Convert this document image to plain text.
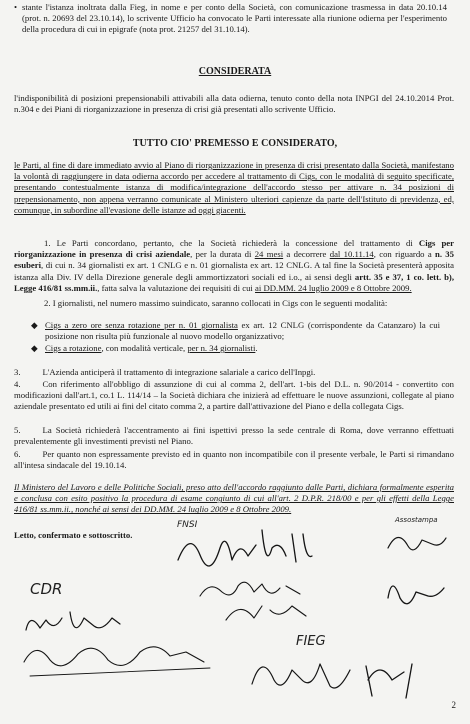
• stante l'istanza inoltrata dalla Fieg, in nome e per conto della Società, con comunicazione trasmessa in data 20.10.14 (prot. n. 20693 del 23.10.14), lo scrivente Ufficio ha convocato le Parti interessate alla riunione odierna per l'esperimento della procedura di cui in epigrafe (nota prot. 21257 del 31.10.14).
CONSIDERATA
l'indisponibilità di posizioni prepensionabili attivabili alla data odierna, tenuto conto della nota INPGI del 24.10.2014 Prot. n.304 e dei Piani di riorganizzazione in presenza di crisi già presentati allo scrivente Ufficio.
TUTTO CIO' PREMESSO E CONSIDERATO,
le Parti, al fine di dare immediato avvio al Piano di riorganizzazione in presenza di crisi presentato dalla Società, manifestano la volontà di raggiungere in data odierna accordo per accedere al trattamento di Cigs, con le modalità di seguito specificate, presentando contestualmente istanza di modifica/integrazione dell'accordo stesso per attivare n. 34 posizioni di prepensionamento, non appena verranno comunicate al Ministero ulteriori capienze da parte dell'Istituto di previdenza, ed, comunque, in subordine all'evasione delle istanze ad oggi giacenti.
1. Le Parti concordano, pertanto, che la Società richiederà la concessione del trattamento di Cigs per riorganizzazione in presenza di crisi aziendale, per la durata di 24 mesi a decorrere dal 10.11.14, con riguardo a n. 35 esuberi, di cui n. 34 giornalisti ex art. 1 CNLG e n. 01 giornalista ex art. 12 CNLG. A tal fine la Società presenterà apposita istanza alla Div. IV della Direzione generale degli ammortizzatori sociali ed i.o., ai sensi degli artt. 35 e 37, 1 co. lett. b), Legge 416/81 ss.mm.ii., fatta salva la valutazione dei requisiti di cui ai DD.MM. 24 luglio 2009 e 8 Ottobre 2009.
2. I giornalisti, nel numero massimo suindicato, saranno collocati in Cigs con le seguenti modalità:
◆ Cigs a zero ore senza rotazione per n. 01 giornalista ex art. 12 CNLG (corrispondente da Catanzaro) la cui posizione non risulta più funzionale al nuovo modello organizzativo;
◆ Cigs a rotazione, con modalità verticale, per n. 34 giornalisti.
3.	L'Azienda anticiperà il trattamento di integrazione salariale a carico dell'Inpgi.
4.	Con riferimento all'obbligo di assunzione di cui al comma 2, dell'art. 1-bis del D.L. n. 90/2014 - convertito con modificazioni dall'art.1, co.1 L. 114/14 – la Società dichiara che inizierà ad effettuare le nuove assunzioni, collegate al piano aziendale presentato ed utili ai fini del citato comma 2, a partire dall'attivazione del Piano e della collegata Cigs.
5.	La Società richiederà l'accentramento ai fini ispettivi presso la sede centrale di Roma, dove verranno effettuati prevalentemente gli investimenti previsti nel Piano.
6.	Per quanto non espressamente previsto ed in quanto non incompatibile con il presente verbale, le Parti si rimandano all'intesa sindacale del 19.10.14.
Il Ministero del Lavoro e delle Politiche Sociali, preso atto dell'accordo raggiunto dalle Parti, dichiara formalmente esperita e conclusa con esito positivo la procedura di esame congiunto di cui all'art. 2 D.P.R. 218/00 e per gli effetti della Legge 416/81 ss.mm.ii., nonché ai sensi dei DD.MM. 24 luglio 2009 e 8 Ottobre 2009.
Letto, confermato e sottoscritto.
FNSI	Assostampa
CDR
FIEG
2
